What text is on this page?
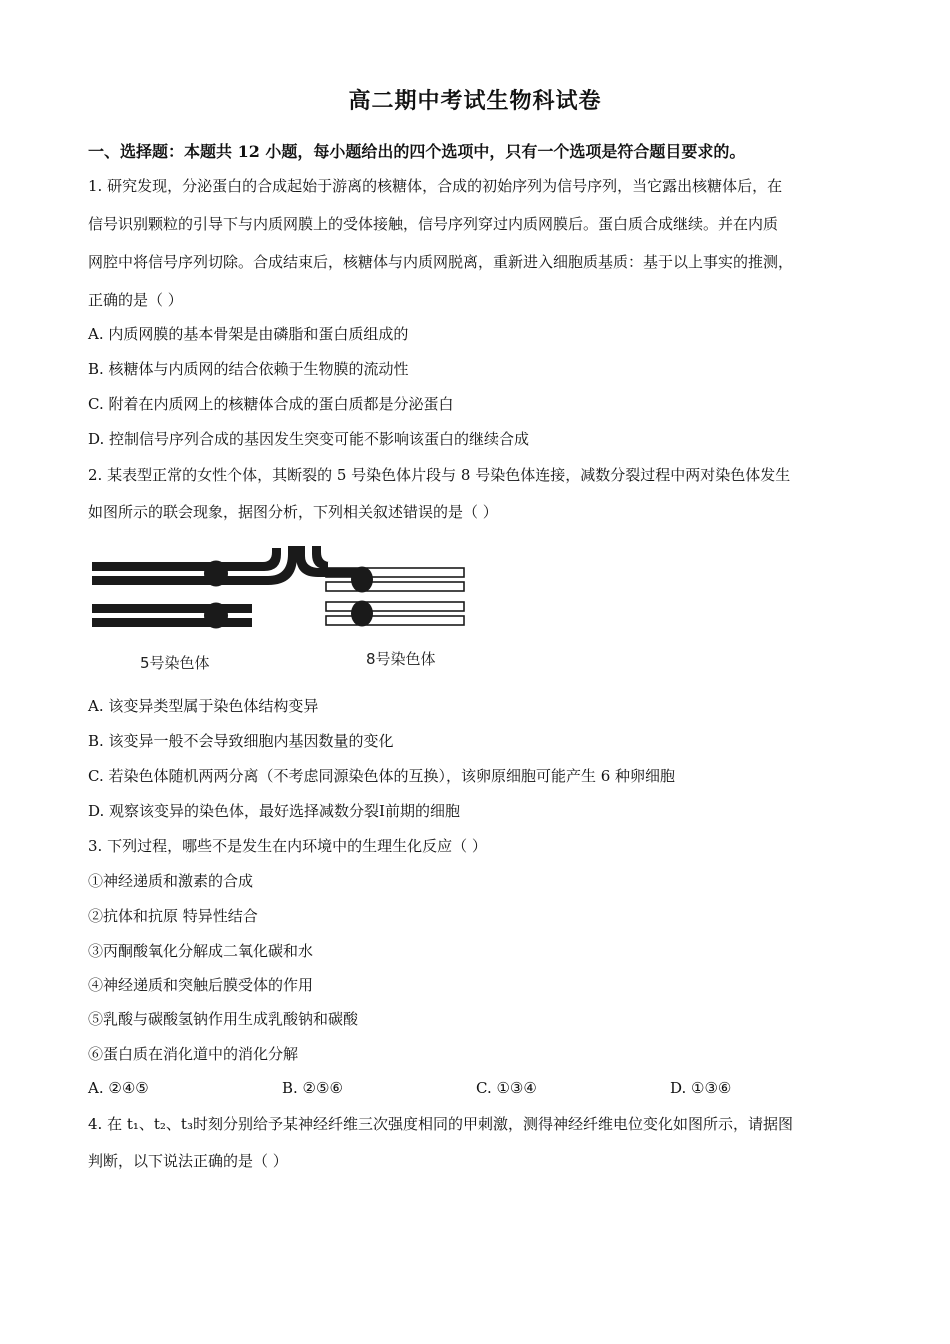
高二期中考试生物科试卷
一、选择题：本题共 12 小题，每小题给出的四个选项中，只有一个选项是符合题目要求的。
1. 研究发现，分泌蛋白的合成起始于游离的核糖体，合成的初始序列为信号序列，当它露出核糖体后，在
信号识别颗粒的引导下与内质网膜上的受体接触，信号序列穿过内质网膜后。蛋白质合成继续。并在内质
网腔中将信号序列切除。合成结束后，核糖体与内质网脱离，重新进入细胞质基质：基于以上事实的推测，
正确的是（ ）
A. 内质网膜的基本骨架是由磷脂和蛋白质组成的
B. 核糖体与内质网的结合依赖于生物膜的流动性
C. 附着在内质网上的核糖体合成的蛋白质都是分泌蛋白
D. 控制信号序列合成的基因发生突变可能不影响该蛋白的继续合成
2. 某表型正常的女性个体，其断裂的 5 号染色体片段与 8 号染色体连接，减数分裂过程中两对染色体发生
如图所示的联会现象，据图分析，下列相关叙述错误的是（ ）
5号染色体	8号染色体
A. 该变异类型属于染色体结构变异
B. 该变异一般不会导致细胞内基因数量的变化
C. 若染色体随机两两分离（不考虑同源染色体的互换），该卵原细胞可能产生 6 种卵细胞
D. 观察该变异的染色体，最好选择减数分裂Ⅰ前期的细胞
3. 下列过程，哪些不是发生在内环境中的生理生化反应（ ）
①神经递质和激素的合成
②抗体和抗原 特异性结合
③丙酮酸氧化分解成二氧化碳和水
④神经递质和突触后膜受体的作用
⑤乳酸与碳酸氢钠作用生成乳酸钠和碳酸
⑥蛋白质在消化道中的消化分解
A. ②④⑤	B. ②⑤⑥	C. ①③④	D. ①③⑥
4. 在 t₁、t₂、t₃时刻分别给予某神经纤维三次强度相同的甲刺激，测得神经纤维电位变化如图所示，请据图
判断，以下说法正确的是（ ）
